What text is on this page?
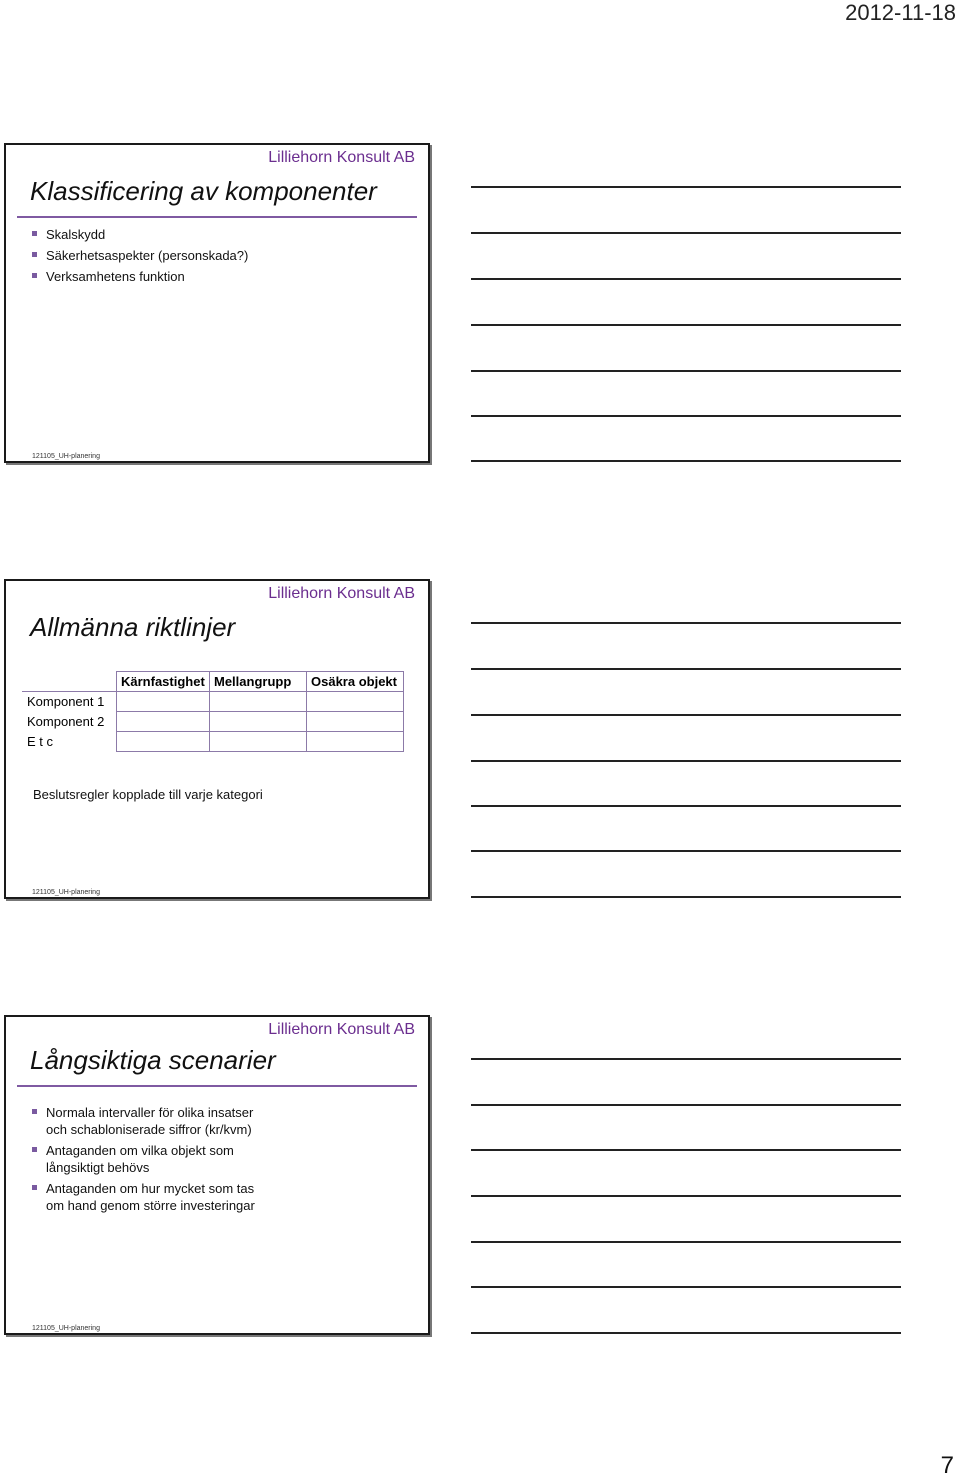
2012-11-18
Lilliehorn Konsult AB
Klassificering av komponenter
Skalskydd
Säkerhetsaspekter (personskada?)
Verksamhetens funktion
121105_UH-planering
Lilliehorn Konsult AB
Allmänna riktlinjer
	Kärnfastighet	Mellangrupp	Osäkra objekt
Komponent 1			
Komponent 2			
E t c			
Beslutsregler kopplade till varje kategori
121105_UH-planering
Lilliehorn Konsult AB
Långsiktiga scenarier
Normala intervaller för olika insatser
och schabloniserade siffror (kr/kvm)
Antaganden om vilka objekt som
långsiktigt behövs
Antaganden om hur mycket som tas
om hand genom större investeringar
121105_UH-planering
7
